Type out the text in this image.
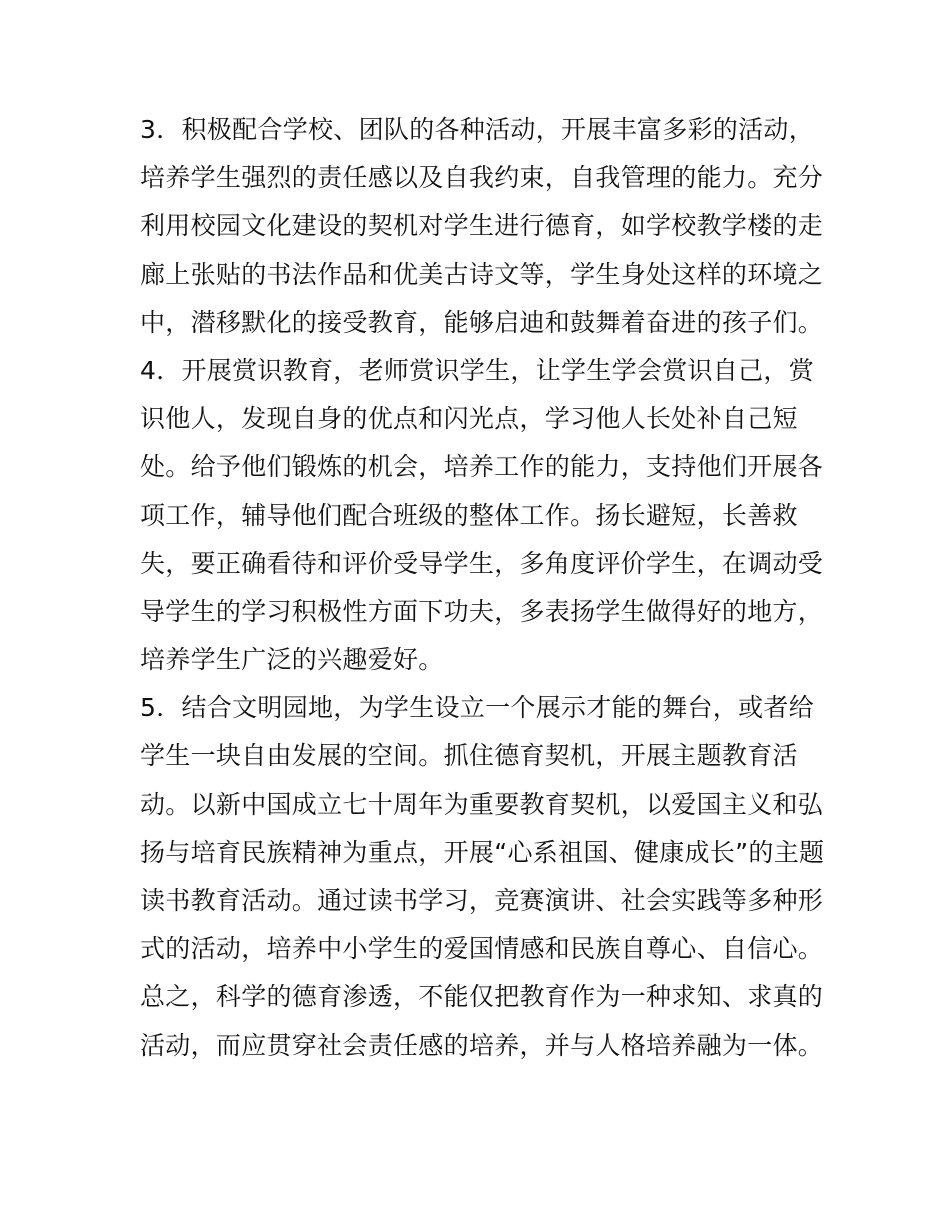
3．积极配合学校、团队的各种活动，开展丰富多彩的活动，
培养学生强烈的责任感以及自我约束，自我管理的能力。充分
利用校园文化建设的契机对学生进行德育，如学校教学楼的走
廊上张贴的书法作品和优美古诗文等，学生身处这样的环境之
中，潜移默化的接受教育，能够启迪和鼓舞着奋进的孩子们。
4．开展赏识教育，老师赏识学生，让学生学会赏识自己，赏
识他人，发现自身的优点和闪光点，学习他人长处补自己短
处。给予他们锻炼的机会，培养工作的能力，支持他们开展各
项工作，辅导他们配合班级的整体工作。扬长避短，长善救
失，要正确看待和评价受导学生，多角度评价学生，在调动受
导学生的学习积极性方面下功夫，多表扬学生做得好的地方，
培养学生广泛的兴趣爱好。
5．结合文明园地，为学生设立一个展示才能的舞台，或者给
学生一块自由发展的空间。抓住德育契机，开展主题教育活
动。以新中国成立七十周年为重要教育契机，以爱国主义和弘
扬与培育民族精神为重点，开展“心系祖国、健康成长”的主题
读书教育活动。通过读书学习，竞赛演讲、社会实践等多种形
式的活动，培养中小学生的爱国情感和民族自尊心、自信心。
总之，科学的德育渗透，不能仅把教育作为一种求知、求真的
活动，而应贯穿社会责任感的培养，并与人格培养融为一体。
